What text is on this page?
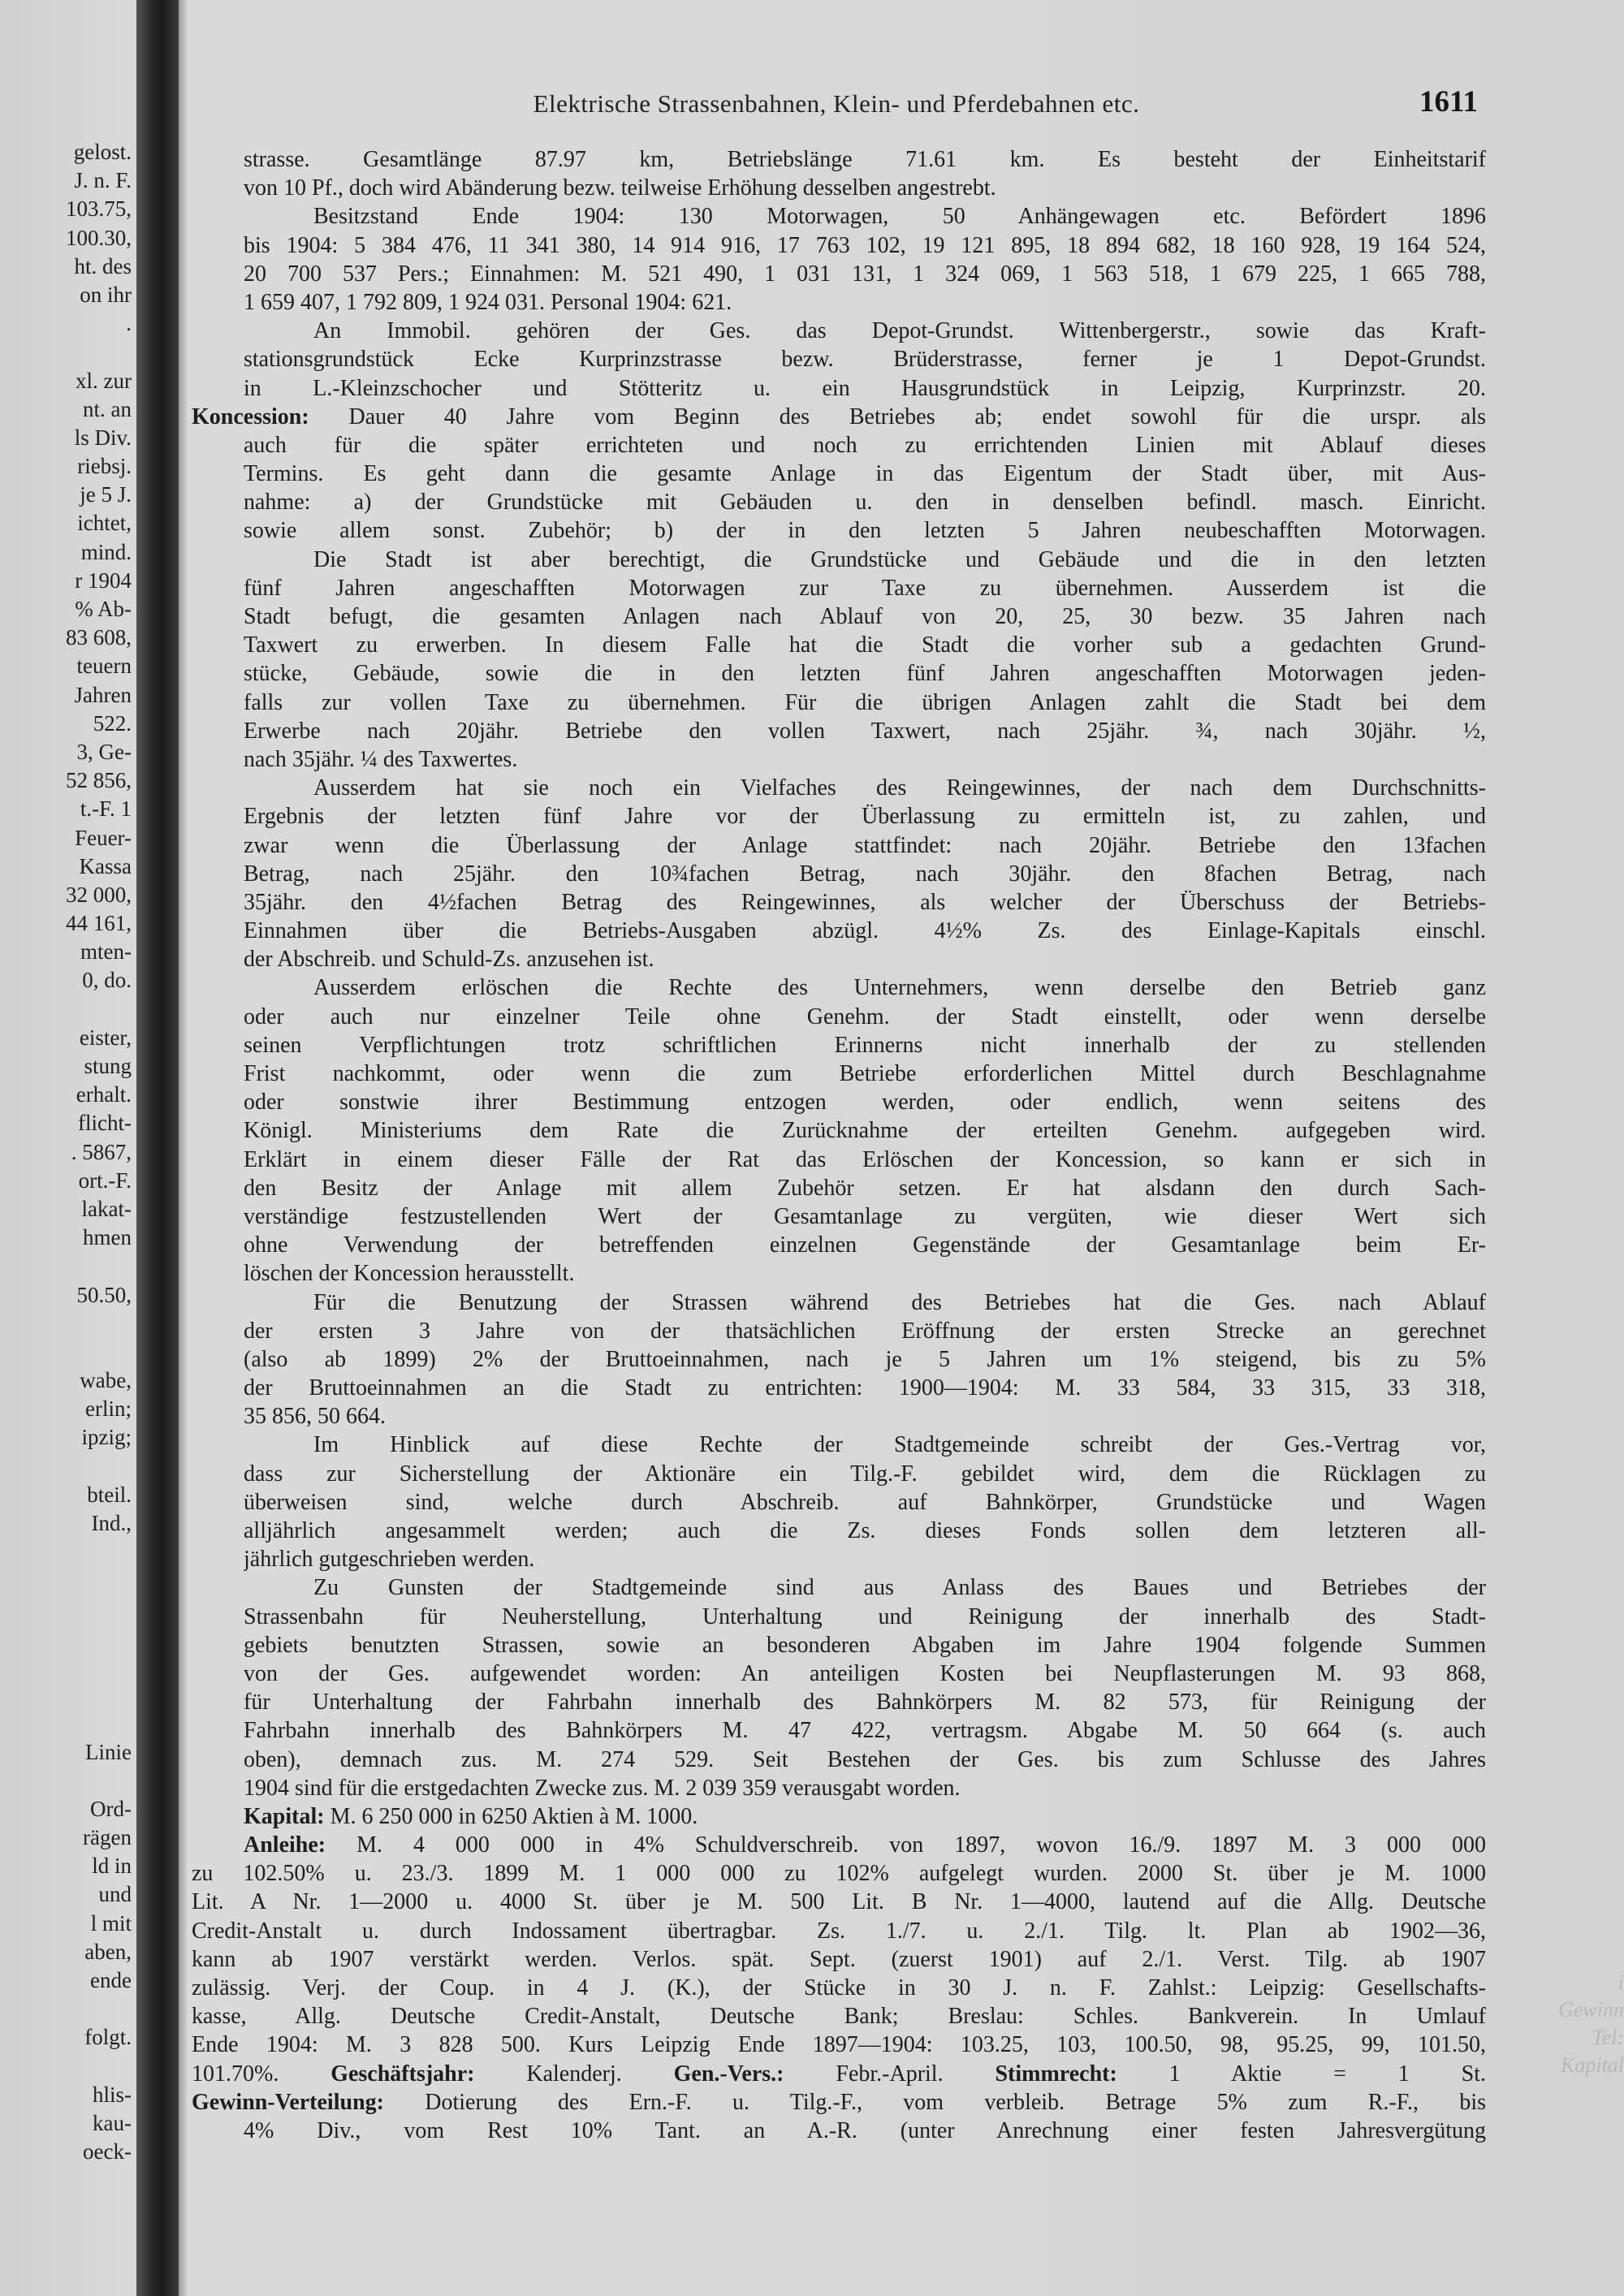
gelost.
J. n. F.
103.75,
100.30,
ht. des
on ihr
.
xl. zur
nt. an
ls Div.
riebsj.
je 5 J.
ichtet,
mind.
r 1904
% Ab-
83 608,
teuern
Jahren
522.
3, Ge-
52 856,
t.-F. 1
Feuer-
Kassa
32 000,
44 161,
mten-
0, do.
eister,
stung
erhalt.
flicht-
. 5867,
ort.-F.
lakat-
hmen
50.50,
wabe,
erlin;
ipzig;
bteil.
Ind.,
Linie
Ord-
rägen
ld in
und
l mit
aben,
ende
folgt.
hlis-
kau-
oeck-
Elektrische Strassenbahnen, Klein- und Pferdebahnen etc.	1611
strasse. Gesamtlänge 87.97 km, Betriebslänge 71.61 km. Es besteht der Einheitstarif
von 10 Pf., doch wird Abänderung bezw. teilweise Erhöhung desselben angestrebt.
Besitzstand Ende 1904: 130 Motorwagen, 50 Anhängewagen etc. Befördert 1896
bis 1904: 5 384 476, 11 341 380, 14 914 916, 17 763 102, 19 121 895, 18 894 682, 18 160 928, 19 164 524,
20 700 537 Pers.; Einnahmen: M. 521 490, 1 031 131, 1 324 069, 1 563 518, 1 679 225, 1 665 788,
1 659 407, 1 792 809, 1 924 031. Personal 1904: 621.
An Immobil. gehören der Ges. das Depot-Grundst. Wittenbergerstr., sowie das Kraft-
stationsgrundstück Ecke Kurprinzstrasse bezw. Brüderstrasse, ferner je 1 Depot-Grundst.
in L.-Kleinzschocher und Stötteritz u. ein Hausgrundstück in Leipzig, Kurprinzstr. 20.
Koncession: Dauer 40 Jahre vom Beginn des Betriebes ab; endet sowohl für die urspr. als
auch für die später errichteten und noch zu errichtenden Linien mit Ablauf dieses
Termins. Es geht dann die gesamte Anlage in das Eigentum der Stadt über, mit Aus-
nahme: a) der Grundstücke mit Gebäuden u. den in denselben befindl. masch. Einricht.
sowie allem sonst. Zubehör; b) der in den letzten 5 Jahren neubeschafften Motorwagen.
Die Stadt ist aber berechtigt, die Grundstücke und Gebäude und die in den letzten
fünf Jahren angeschafften Motorwagen zur Taxe zu übernehmen. Ausserdem ist die
Stadt befugt, die gesamten Anlagen nach Ablauf von 20, 25, 30 bezw. 35 Jahren nach
Taxwert zu erwerben. In diesem Falle hat die Stadt die vorher sub a gedachten Grund-
stücke, Gebäude, sowie die in den letzten fünf Jahren angeschafften Motorwagen jeden-
falls zur vollen Taxe zu übernehmen. Für die übrigen Anlagen zahlt die Stadt bei dem
Erwerbe nach 20jähr. Betriebe den vollen Taxwert, nach 25jähr. ¾, nach 30jähr. ½,
nach 35jähr. ¼ des Taxwertes.
Ausserdem hat sie noch ein Vielfaches des Reingewinnes, der nach dem Durchschnitts-
Ergebnis der letzten fünf Jahre vor der Überlassung zu ermitteln ist, zu zahlen, und
zwar wenn die Überlassung der Anlage stattfindet: nach 20jähr. Betriebe den 13fachen
Betrag, nach 25jähr. den 10¾fachen Betrag, nach 30jähr. den 8fachen Betrag, nach
35jähr. den 4½fachen Betrag des Reingewinnes, als welcher der Überschuss der Betriebs-
Einnahmen über die Betriebs-Ausgaben abzügl. 4½% Zs. des Einlage-Kapitals einschl.
der Abschreib. und Schuld-Zs. anzusehen ist.
Ausserdem erlöschen die Rechte des Unternehmers, wenn derselbe den Betrieb ganz
oder auch nur einzelner Teile ohne Genehm. der Stadt einstellt, oder wenn derselbe
seinen Verpflichtungen trotz schriftlichen Erinnerns nicht innerhalb der zu stellenden
Frist nachkommt, oder wenn die zum Betriebe erforderlichen Mittel durch Beschlagnahme
oder sonstwie ihrer Bestimmung entzogen werden, oder endlich, wenn seitens des
Königl. Ministeriums dem Rate die Zurücknahme der erteilten Genehm. aufgegeben wird.
Erklärt in einem dieser Fälle der Rat das Erlöschen der Koncession, so kann er sich in
den Besitz der Anlage mit allem Zubehör setzen. Er hat alsdann den durch Sach-
verständige festzustellenden Wert der Gesamtanlage zu vergüten, wie dieser Wert sich
ohne Verwendung der betreffenden einzelnen Gegenstände der Gesamtanlage beim Er-
löschen der Koncession herausstellt.
Für die Benutzung der Strassen während des Betriebes hat die Ges. nach Ablauf
der ersten 3 Jahre von der thatsächlichen Eröffnung der ersten Strecke an gerechnet
(also ab 1899) 2% der Bruttoeinnahmen, nach je 5 Jahren um 1% steigend, bis zu 5%
der Bruttoeinnahmen an die Stadt zu entrichten: 1900—1904: M. 33 584, 33 315, 33 318,
35 856, 50 664.
Im Hinblick auf diese Rechte der Stadtgemeinde schreibt der Ges.-Vertrag vor,
dass zur Sicherstellung der Aktionäre ein Tilg.-F. gebildet wird, dem die Rücklagen zu
überweisen sind, welche durch Abschreib. auf Bahnkörper, Grundstücke und Wagen
alljährlich angesammelt werden; auch die Zs. dieses Fonds sollen dem letzteren all-
jährlich gutgeschrieben werden.
Zu Gunsten der Stadtgemeinde sind aus Anlass des Baues und Betriebes der
Strassenbahn für Neuherstellung, Unterhaltung und Reinigung der innerhalb des Stadt-
gebiets benutzten Strassen, sowie an besonderen Abgaben im Jahre 1904 folgende Summen
von der Ges. aufgewendet worden: An anteiligen Kosten bei Neupflasterungen M. 93 868,
für Unterhaltung der Fahrbahn innerhalb des Bahnkörpers M. 82 573, für Reinigung der
Fahrbahn innerhalb des Bahnkörpers M. 47 422, vertragsm. Abgabe M. 50 664 (s. auch
oben), demnach zus. M. 274 529. Seit Bestehen der Ges. bis zum Schlusse des Jahres
1904 sind für die erstgedachten Zwecke zus. M. 2 039 359 verausgabt worden.
Kapital: M. 6 250 000 in 6250 Aktien à M. 1000.
Anleihe: M. 4 000 000 in 4% Schuldverschreib. von 1897, wovon 16./9. 1897 M. 3 000 000
zu 102.50% u. 23./3. 1899 M. 1 000 000 zu 102% aufgelegt wurden. 2000 St. über je M. 1000
Lit. A Nr. 1—2000 u. 4000 St. über je M. 500 Lit. B Nr. 1—4000, lautend auf die Allg. Deutsche
Credit-Anstalt u. durch Indossament übertragbar. Zs. 1./7. u. 2./1. Tilg. lt. Plan ab 1902—36,
kann ab 1907 verstärkt werden. Verlos. spät. Sept. (zuerst 1901) auf 2./1. Verst. Tilg. ab 1907
zulässig. Verj. der Coup. in 4 J. (K.), der Stücke in 30 J. n. F. Zahlst.: Leipzig: Gesellschafts-
kasse, Allg. Deutsche Credit-Anstalt, Deutsche Bank; Breslau: Schles. Bankverein. In Umlauf
Ende 1904: M. 3 828 500. Kurs Leipzig Ende 1897—1904: 103.25, 103, 100.50, 98, 95.25, 99, 101.50,
101.70%. Geschäftsjahr: Kalenderj. Gen.-Vers.: Febr.-April. Stimmrecht: 1 Aktie = 1 St.
Gewinn-Verteilung: Dotierung des Ern.-F. u. Tilg.-F., vom verbleib. Betrage 5% zum R.-F., bis
4% Div., vom Rest 10% Tant. an A.-R. (unter Anrechnung einer festen Jahresvergütung
i
Gewinn
Tel:
Kapital
